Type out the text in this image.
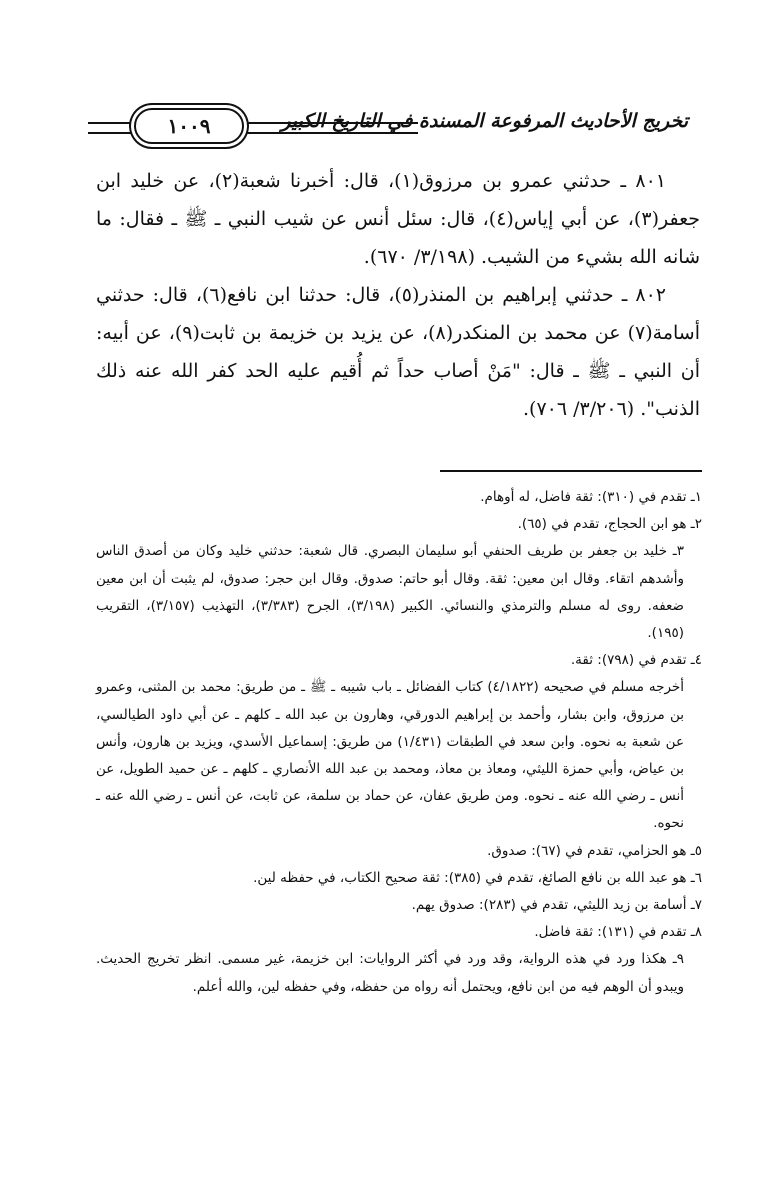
تخريج الأحاديث المرفوعة المسندة في التاريخ الكبير
١٠٠٩

٨٠١ ـ حدثني عمرو بن مرزوق(١)، قال: أخبرنا شعبة(٢)، عن خليد ابن جعفر(٣)، عن أبي إياس(٤)، قال: سئل أنس عن شيب النبي ـ ﷺ ـ فقال: ما شانه الله بشيء من الشيب. (٣/١٩٨/ ٦٧٠).

٨٠٢ ـ حدثني إبراهيم بن المنذر(٥)، قال: حدثنا ابن نافع(٦)، قال: حدثني أسامة(٧) عن محمد بن المنكدر(٨)، عن يزيد بن خزيمة بن ثابت(٩)، عن أبيه: أن النبي ـ ﷺ ـ قال: "مَنْ أصاب حداً ثم أُقيم عليه الحد كفر الله عنه ذلك الذنب". (٣/٢٠٦/ ٧٠٦).

١ـ تقدم في (٣١٠): ثقة فاضل، له أوهام.

٢ـ هو ابن الحجاج، تقدم في (٦٥).

٣ـ خليد بن جعفر بن طريف الحنفي أبو سليمان البصري. قال شعبة: حدثني خليد وكان من أصدق الناس وأشدهم اتقاء. وقال ابن معين: ثقة. وقال أبو حاتم: صدوق. وقال ابن حجر: صدوق، لم يثبت أن ابن معين ضعفه. روى له مسلم والترمذي والنسائي. الكبير (٣/١٩٨)، الجرح (٣/٣٨٣)، التهذيب (٣/١٥٧)، التقريب (١٩٥).

٤ـ تقدم في (٧٩٨): ثقة.

أخرجه مسلم في صحيحه (٤/١٨٢٢) كتاب الفضائل ـ باب شيبه ـ ﷺ ـ من طريق: محمد بن المثنى، وعمرو بن مرزوق، وابن بشار، وأحمد بن إبراهيم الدورقي، وهارون بن عبد الله ـ كلهم ـ عن أبي داود الطيالسي، عن شعبة به نحوه. وابن سعد في الطبقات (١/٤٣١) من طريق: إسماعيل الأسدي، ويزيد بن هارون، وأنس بن عياض، وأبي حمزة الليثي، ومعاذ بن معاذ، ومحمد بن عبد الله الأنصاري ـ كلهم ـ عن حميد الطويل، عن أنس ـ رضي الله عنه ـ نحوه. ومن طريق عفان، عن حماد بن سلمة، عن ثابت، عن أنس ـ رضي الله عنه ـ نحوه.

٥ـ هو الحزامي، تقدم في (٦٧): صدوق.

٦ـ هو عبد الله بن نافع الصائغ، تقدم في (٣٨٥): ثقة صحيح الكتاب، في حفظه لين.

٧ـ أسامة بن زيد الليثي، تقدم في (٢٨٣): صدوق يهم.

٨ـ تقدم في (١٣١): ثقة فاضل.

٩ـ هكذا ورد في هذه الرواية، وقد ورد في أكثر الروايات: ابن خزيمة، غير مسمى. انظر تخريج الحديث. ويبدو أن الوهم فيه من ابن نافع، ويحتمل أنه رواه من حفظه، وفي حفظه لين، والله أعلم.
